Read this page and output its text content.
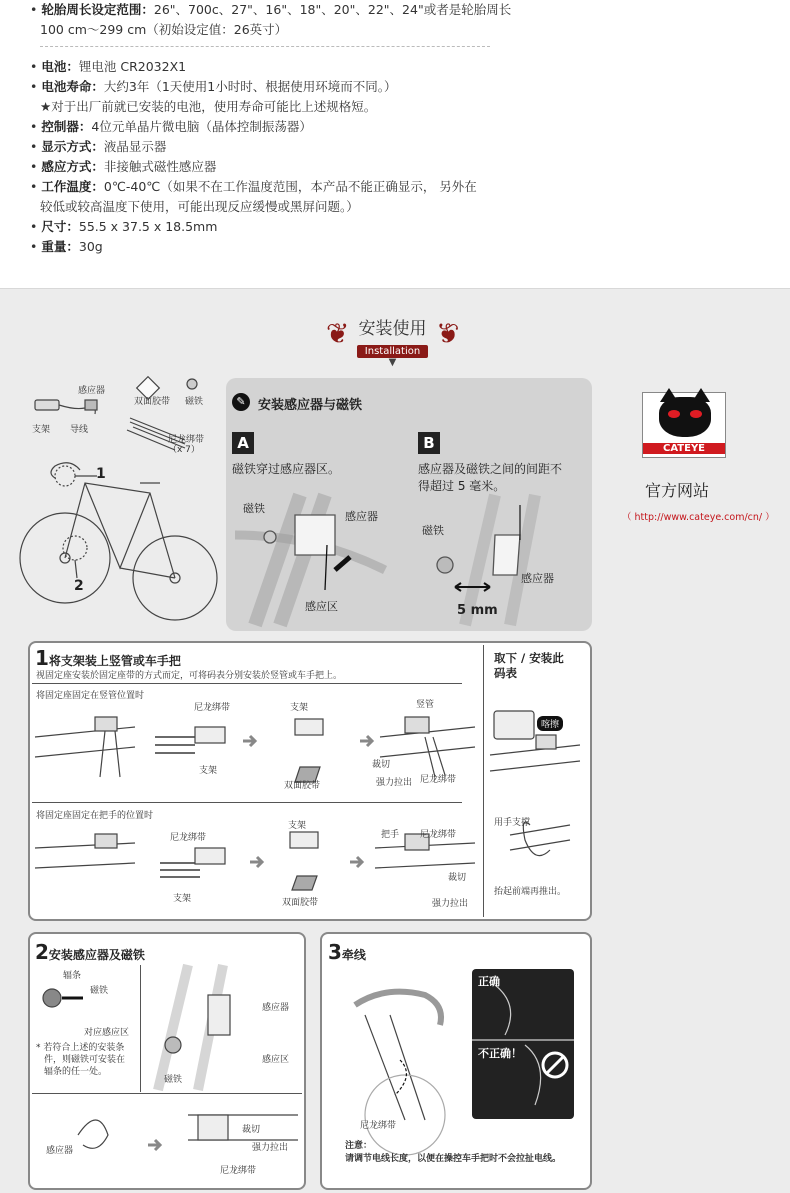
• 轮胎周长设定范围：26"、700c、27"、16"、18"、20"、22"、24"或者是轮胎周长
100 cm～299 cm（初始设定值：26英寸）
• 电池：锂电池 CR2032X1
• 电池寿命：大约3年（1天使用1小时时、根据使用环境而不同。）
★对于出厂前就已安装的电池，使用寿命可能比上述规格短。
• 控制器：4位元单晶片微电脑（晶体控制振荡器）
• 显示方式：液晶显示器
• 感应方式：非接触式磁性感应器
• 工作温度：0℃-40℃（如果不在工作温度范围，本产品不能正确显示， 另外在
较低或较高温度下使用，可能出现反应缓慢或黑屏问题。）
• 尺寸：55.5 x 37.5 x 18.5mm
• 重量：30g
❦	❦
安装使用
Installation
▼
感应器
支架 导线
双面胶带 磁铁
尼龙绑带
（x 7）
1
2
✎ 安装感应器与磁铁
A
磁铁穿过感应器区。
B
感应器及磁铁之间的间距不
得超过 5 毫米。
磁铁
感应器
感应区
磁铁
感应器
5 mm
CATEYE
官方网站
（ http://www.cateye.com/cn/ ）
1将支架装上竖管或车手把
视固定座安装於固定座带的方式而定，可将码表分别安装於竖管或车手把上。
将固定座固定在竖管位置时
将固定座固定在把手的位置时
尼龙绑带
支架
支架
双面胶带
竖管
裁切
强力拉出 尼龙绑带
尼龙绑带
支架
支架
双面胶带
把手 尼龙绑带
裁切
强力拉出
取下 / 安装此
码表
喀擦
用手支撑
抬起前端再推出。
2安装感应器及磁铁
辐条
磁铁
对应感应区
* 若符合上述的安装条
件，则磁铁可安装在
辐条的任一处。
感应器
感应区
磁铁
感应器
裁切
强力拉出
尼龙绑带
3牵线
正确
不正确！
尼龙绑带
注意：
请调节电线长度，以便在操控车手把时不会拉扯电线。
